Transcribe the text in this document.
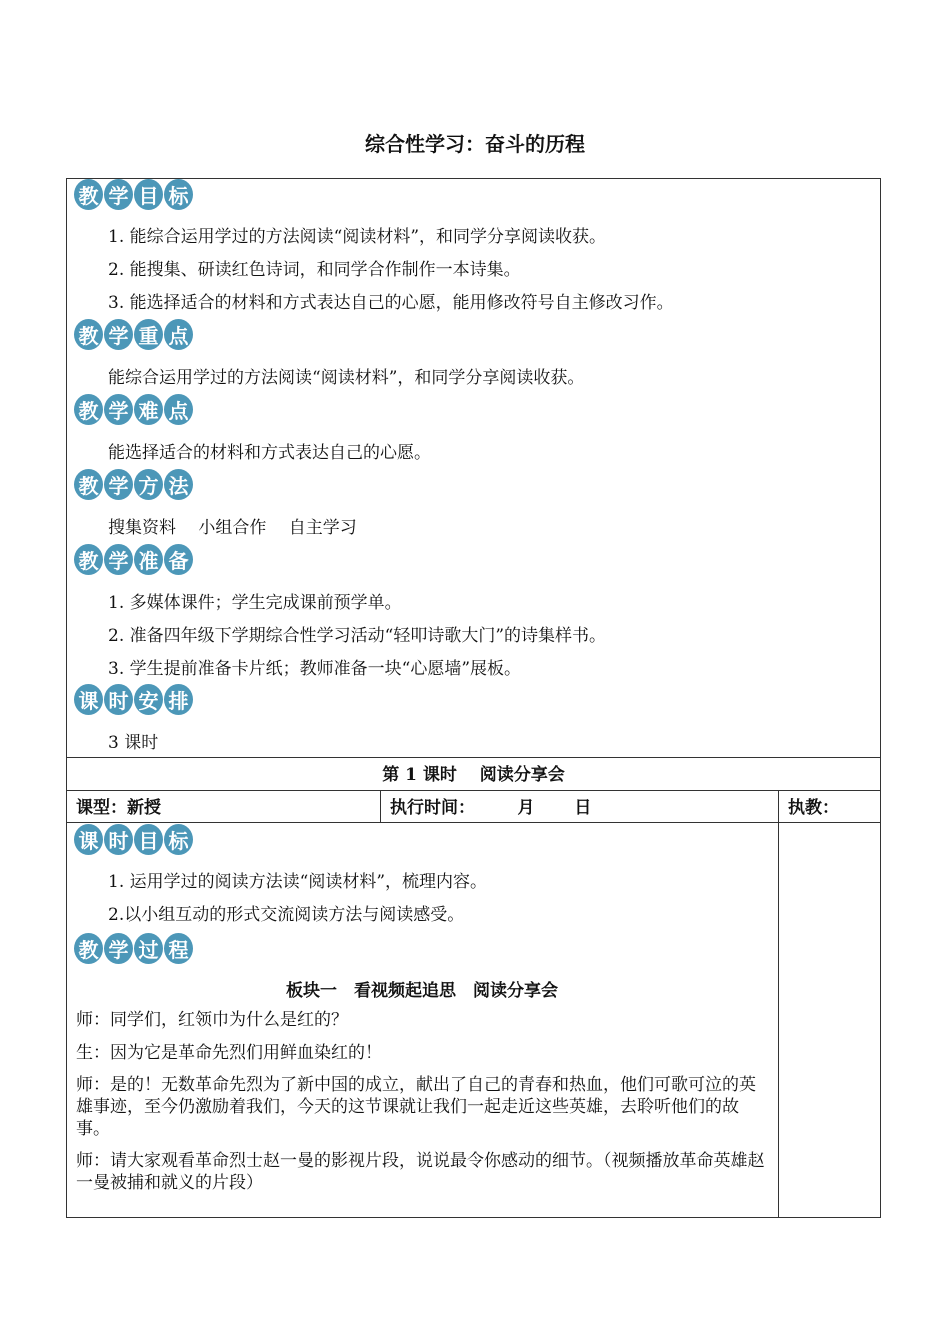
综合性学习：奋斗的历程
教 学 目 标
1. 能综合运用学过的方法阅读“阅读材料”，和同学分享阅读收获。
2. 能搜集、研读红色诗词，和同学合作制作一本诗集。
3. 能选择适合的材料和方式表达自己的心愿，能用修改符号自主修改习作。
教 学 重 点
能综合运用学过的方法阅读“阅读材料”，和同学分享阅读收获。
教 学 难 点
能选择适合的材料和方式表达自己的心愿。
教 学 方 法
搜集资料　 小组合作　 自主学习
教 学 准 备
1. 多媒体课件；学生完成课前预学单。
2. 准备四年级下学期综合性学习活动“轻叩诗歌大门”的诗集样书。
3. 学生提前准备卡片纸；教师准备一块“心愿墙”展板。
课 时 安 排
3 课时
第 1 课时　 阅读分享会
课型：新授	执行时间：　　　月　　 日	执教：
课 时 目 标
1. 运用学过的阅读方法读“阅读材料”，梳理内容。
2.以小组互动的形式交流阅读方法与阅读感受。
教 学 过 程
板块一　看视频起追思　阅读分享会
师：同学们，红领巾为什么是红的？
生：因为它是革命先烈们用鲜血染红的！
师：是的！无数革命先烈为了新中国的成立，献出了自己的青春和热血，他们可歌可泣的英雄事迹，至今仍激励着我们，今天的这节课就让我们一起走近这些英雄，去聆听他们的故事。
师：请大家观看革命烈士赵一曼的影视片段，说说最令你感动的细节。（视频播放革命英雄赵一曼被捕和就义的片段）
